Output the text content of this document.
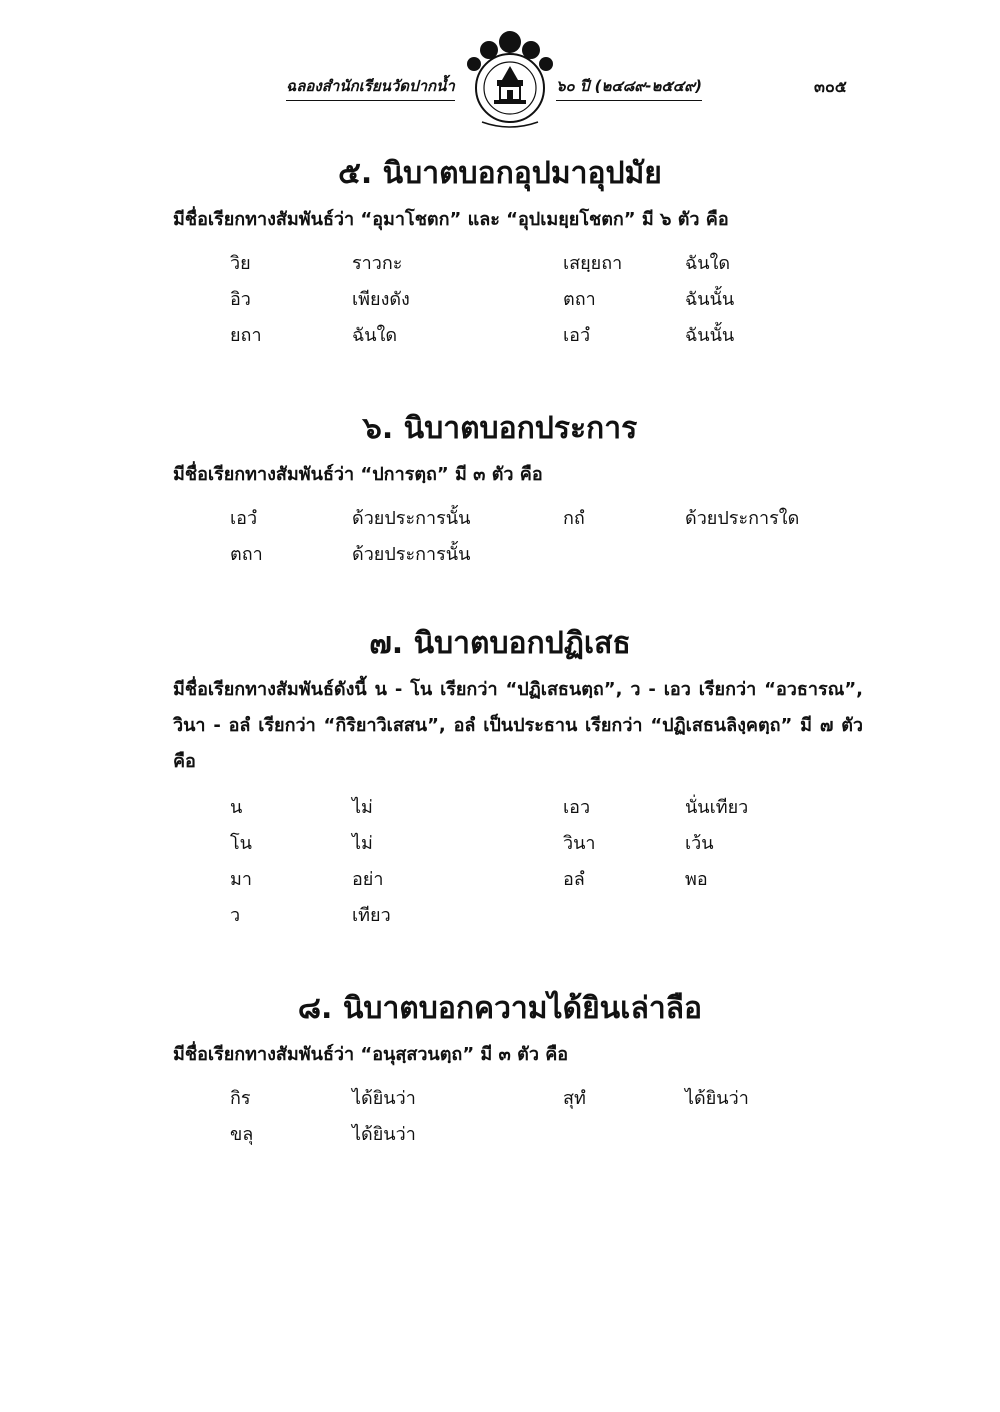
ฉลองสำนักเรียนวัดปากน้ำ	๖๐ ปี (๒๔๘๙-๒๕๔๙)	๓๐๕
๕. นิบาตบอกอุปมาอุปมัย

มีชื่อเรียกทางสัมพันธ์ว่า “อุมาโชตก” และ “อุปเมยฺยโชตก” มี ๖ ตัว คือ

วิย	ราวกะ	เสยฺยถา	ฉันใด
อิว	เพียงดัง	ตถา	ฉันนั้น
ยถา	ฉันใด	เอวํ	ฉันนั้น
๖. นิบาตบอกประการ

มีชื่อเรียกทางสัมพันธ์ว่า “ปการตฺถ” มี ๓ ตัว คือ

เอวํ	ด้วยประการนั้น	กถํ	ด้วยประการใด
ตถา	ด้วยประการนั้น
๗. นิบาตบอกปฏิเสธ

มีชื่อเรียกทางสัมพันธ์ดังนี้ น - โน เรียกว่า “ปฏิเสธนตฺถ”, ว - เอว เรียกว่า “อวธารณ”, วินา - อลํ เรียกว่า “กิริยาวิเสสน”, อลํ เป็นประธาน เรียกว่า “ปฏิเสธนลิงฺคตฺถ” มี ๗ ตัว คือ

น	ไม่	เอว	นั่นเทียว
โน	ไม่	วินา	เว้น
มา	อย่า	อลํ	พอ
ว	เทียว
๘. นิบาตบอกความได้ยินเล่าลือ

มีชื่อเรียกทางสัมพันธ์ว่า “อนุสฺสวนตฺถ” มี ๓ ตัว คือ

กิร	ได้ยินว่า	สุทํ	ได้ยินว่า
ขลุ	ได้ยินว่า
